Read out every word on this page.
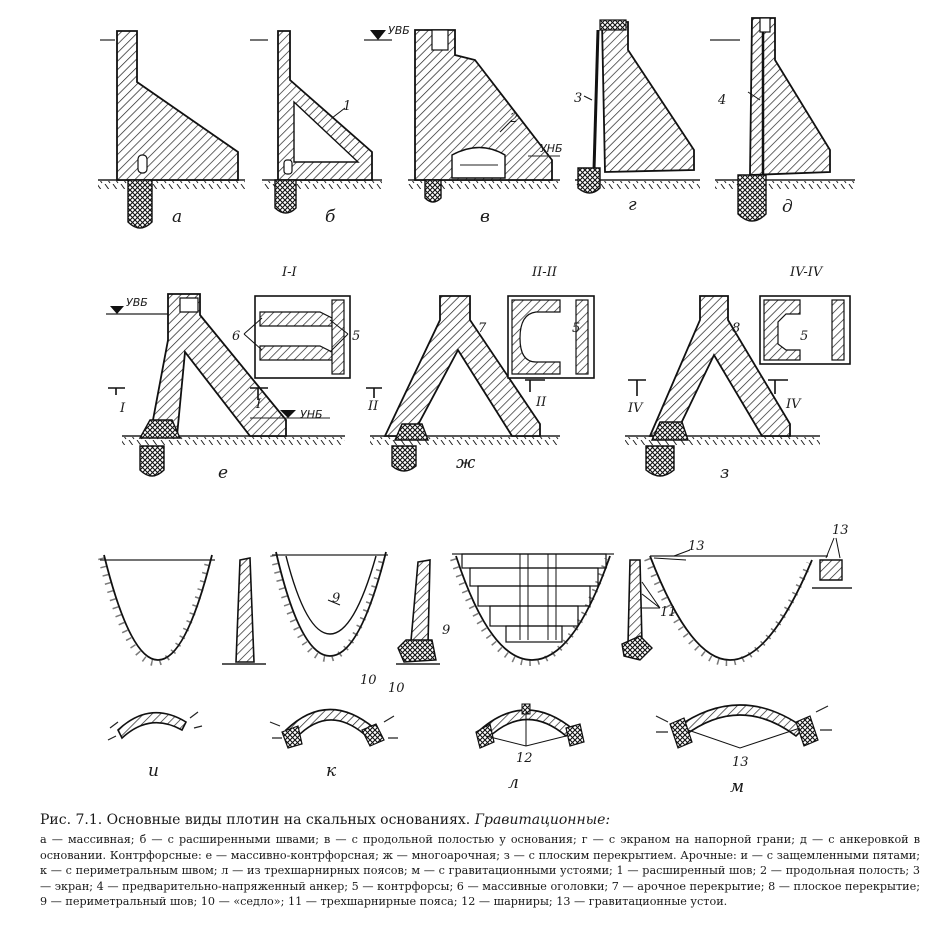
а
1
б
УВБ
УНБ
2
в
3
г
4
д
УВБ
I	I
УНБ
е
I-I
6	5
II
ж
II-II
II
7	5
IV
з
IV-IV
IV
8
5
9
10
9
10
11
13
13
и	к
12
л
13
м
Рис. 7.1. Основные виды плотин на скальных основаниях. Гравитационные:
а — массивная; б — с расширенными швами; в — с продольной полостью у основания; г — с экраном на напорной грани; д — с анкеровкой в основании. Контрфорсные: е — массивно-контрфорсная; ж — многоарочная; з — с плоским перекрытием. Арочные: и — с защемленными пятами; к — с периметральным швом; л — из трехшарнирных поясов; м — с гравитационными устоями; 1 — расширенный шов; 2 — продольная полость; 3 — экран; 4 — предварительно-напряженный анкер; 5 — контрфорсы; 6 — массивные оголовки; 7 — арочное перекрытие; 8 — плоское перекрытие; 9 — периметральный шов; 10 — «седло»; 11 — трехшарнирные пояса; 12 — шарниры; 13 — гравитационные устои.
